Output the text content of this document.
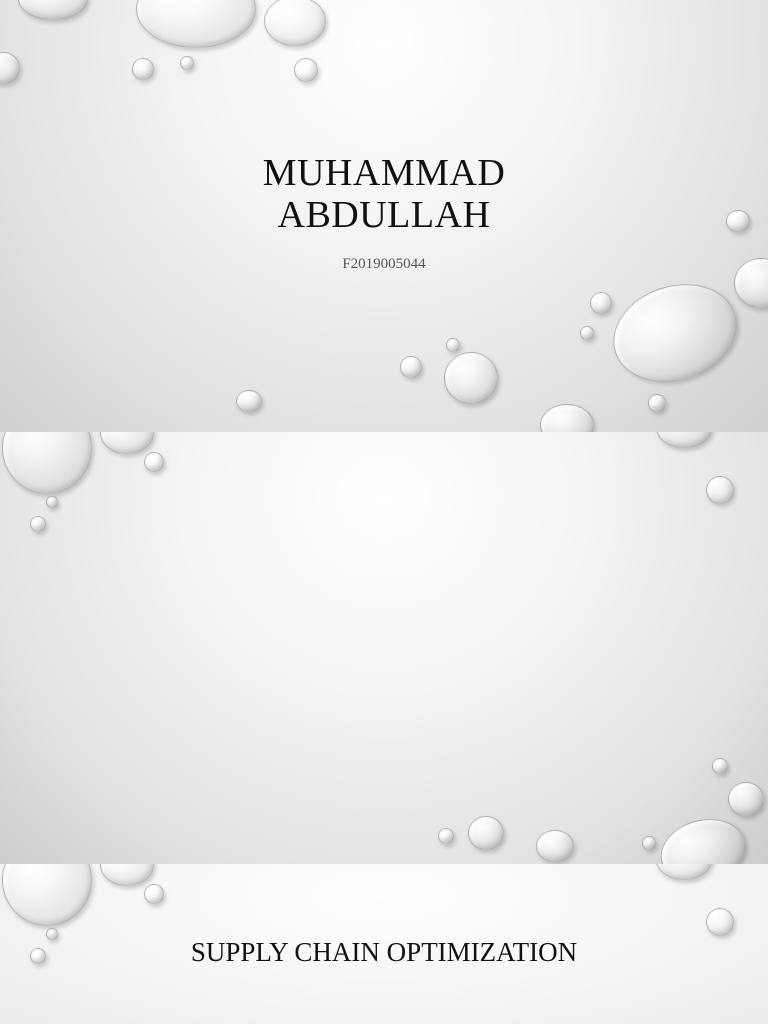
MUHAMMAD
ABDULLAH
F2019005044
SUPPLY CHAIN OPTIMIZATION
